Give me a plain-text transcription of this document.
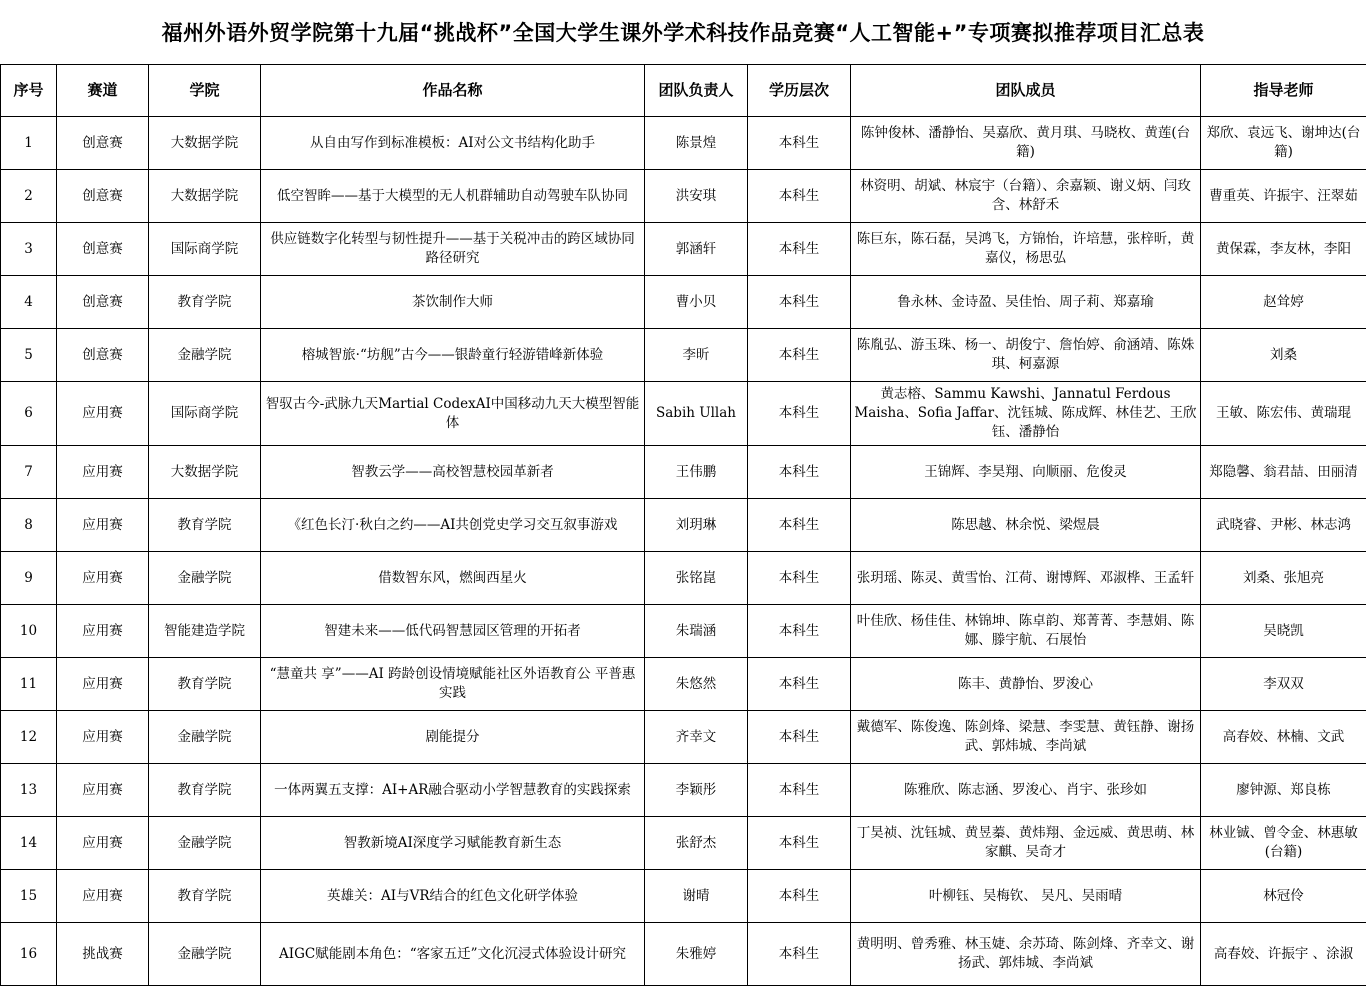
福州外语外贸学院第十九届“挑战杯”全国大学生课外学术科技作品竞赛“人工智能+”专项赛拟推荐项目汇总表
序号	赛道	学院	作品名称	团队负责人	学历层次	团队成员	指导老师
1	创意赛	大数据学院	从自由写作到标准模板：AI对公文书结构化助手	陈景煌	本科生	陈钟俊林、潘静怡、吴嘉欣、黄月琪、马晓枚、黄莲(台籍)	郑欣、袁远飞、谢坤达(台籍)
2	创意赛	大数据学院	低空智眸——基于大模型的无人机群辅助自动驾驶车队协同	洪安琪	本科生	林资明、胡斌、林宸宇（台籍）、余嘉颖、谢义炳、闫玫含、林舒禾	曹重英、许振宇、汪翠茹
3	创意赛	国际商学院	供应链数字化转型与韧性提升——基于关税冲击的跨区域协同路径研究	郭涵轩	本科生	陈巨东，陈石磊，吴鸿飞，方锦怡，许培慧，张梓昕，黄嘉仪，杨思弘	黄保霖，李友林，李阳
4	创意赛	教育学院	茶饮制作大师	曹小贝	本科生	鲁永林、金诗盈、吴佳怡、周子莉、郑嘉瑜	赵耸婷
5	创意赛	金融学院	榕城智旅·“坊舰”古今——银龄童行轻游错峰新体验	李昕	本科生	陈胤弘、游玉珠、杨一、胡俊宁、詹怡婷、俞涵靖、陈姝琪、柯嘉源	刘桑
6	应用赛	国际商学院	智驭古今-武脉九天Martial CodexAI中国移动九天大模型智能体	Sabih Ullah	本科生	黄志榕、Sammu Kawshi、Jannatul Ferdous Maisha、Sofia Jaffar、沈钰城、陈成辉、林佳艺、王欣钰、潘静怡	王敏、陈宏伟、黄瑞琨
7	应用赛	大数据学院	智教云学——高校智慧校园革新者	王伟鹏	本科生	王锦辉、李昊翔、向顺丽、危俊灵	郑隐馨、翁君喆、田丽清
8	应用赛	教育学院	《红色长汀·秋白之约——AI共创党史学习交互叙事游戏	刘玥琳	本科生	陈思越、林余悦、梁煜晨	武晓睿、尹彬、林志鸿
9	应用赛	金融学院	借数智东风，燃闽西星火	张铭崑	本科生	张玥瑶、陈灵、黄雪怡、江荷、谢博辉、邓淑桦、王孟轩	刘桑、张旭亮
10	应用赛	智能建造学院	智建未来——低代码智慧园区管理的开拓者	朱瑞涵	本科生	叶佳欣、杨佳佳、林锦坤、陈卓韵、郑菁菁、李慧娟、陈娜、滕宇航、石展怡	吴晓凯
11	应用赛	教育学院	“慧童共 享”——AI 跨龄创设情境赋能社区外语教育公 平普惠实践	朱悠然	本科生	陈丰、黄静怡、罗浚心	李双双
12	应用赛	金融学院	剧能提分	齐幸文	本科生	戴德军、陈俊逸、陈剑烽、梁慧、李雯慧、黄钰静、谢扬武、郭炜城、李尚斌	高春姣、林楠、文武
13	应用赛	教育学院	一体两翼五支撑：AI+AR融合驱动小学智慧教育的实践探索	李颖彤	本科生	陈雅欣、陈志涵、罗浚心、肖宇、张珍如	廖钟源、郑良栋
14	应用赛	金融学院	智教新境AI深度学习赋能教育新生态	张舒杰	本科生	丁昊祯、沈钰城、黄昱蓁、黄炜翔、金远威、黄思萌、林家麒、吴奇才	林业铖、曾令金、林惠敏(台籍)
15	应用赛	教育学院	英雄关：AI与VR结合的红色文化研学体验	谢晴	本科生	叶柳钰、吴梅钦、 吴凡、吴雨晴	林冠伶
16	挑战赛	金融学院	AIGC赋能剧本角色：“客家五迁”文化沉浸式体验设计研究	朱雅婷	本科生	黄明明、曾秀雅、林玉婕、余苏琦、陈剑烽、齐幸文、谢扬武、郭炜城、李尚斌	高春姣、许振宇 、涂淑
